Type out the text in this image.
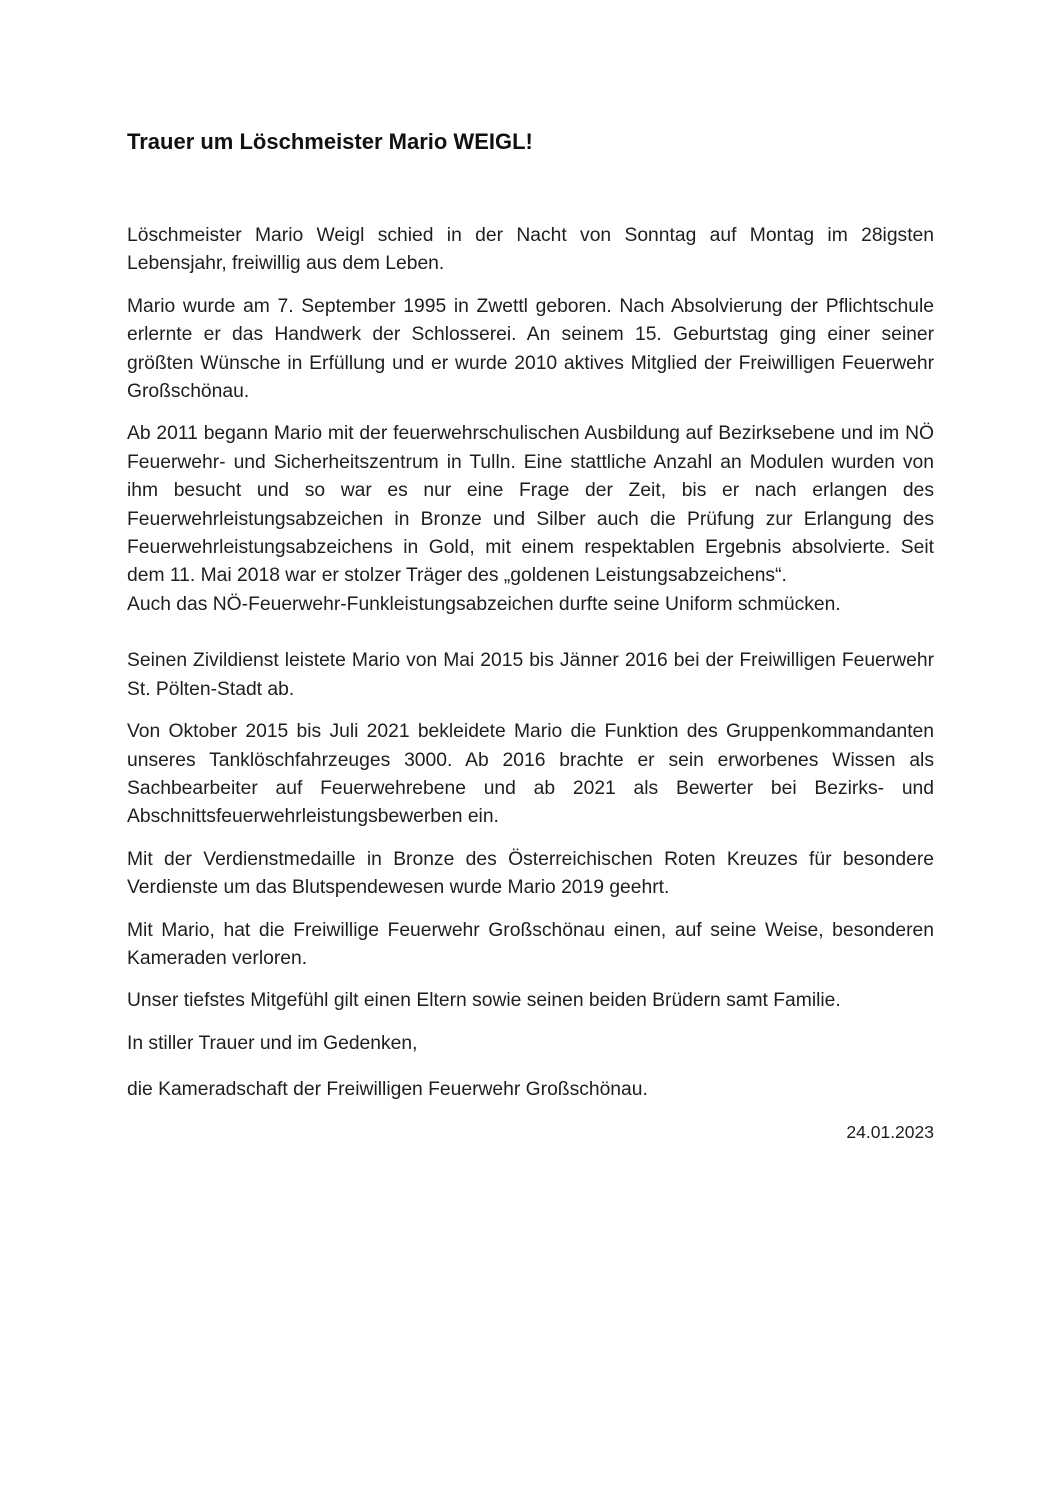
Trauer um Löschmeister Mario WEIGL!

Löschmeister Mario Weigl schied in der Nacht von Sonntag auf Montag im 28igsten Lebensjahr, freiwillig aus dem Leben.

Mario wurde am 7. September 1995 in Zwettl geboren. Nach Absolvierung der Pflichtschule erlernte er das Handwerk der Schlosserei. An seinem 15. Geburtstag ging einer seiner größten Wünsche in Erfüllung und er wurde 2010 aktives Mitglied der Freiwilligen Feuerwehr Großschönau.

Ab 2011 begann Mario mit der feuerwehrschulischen Ausbildung auf Bezirksebene und im NÖ Feuerwehr- und Sicherheitszentrum in Tulln. Eine stattliche Anzahl an Modulen wurden von ihm besucht und so war es nur eine Frage der Zeit, bis er nach erlangen des Feuerwehrleistungsabzeichen in Bronze und Silber auch die Prüfung zur Erlangung des Feuerwehrleistungsabzeichens in Gold, mit einem respektablen Ergebnis absolvierte. Seit dem 11. Mai 2018 war er stolzer Träger des „goldenen Leistungsabzeichens“.

Auch das NÖ-Feuerwehr-Funkleistungsabzeichen durfte seine Uniform schmücken.

Seinen Zivildienst leistete Mario von Mai 2015 bis Jänner 2016 bei der Freiwilligen Feuerwehr St. Pölten-Stadt ab.

Von Oktober 2015 bis Juli 2021 bekleidete Mario die Funktion des Gruppenkommandanten unseres Tanklöschfahrzeuges 3000. Ab 2016 brachte er sein erworbenes Wissen als Sachbearbeiter auf Feuerwehrebene und ab 2021 als Bewerter bei Bezirks- und Abschnittsfeuerwehrleistungsbewerben ein.

Mit der Verdienstmedaille in Bronze des Österreichischen Roten Kreuzes für besondere Verdienste um das Blutspendewesen wurde Mario 2019 geehrt.

Mit Mario, hat die Freiwillige Feuerwehr Großschönau einen, auf seine Weise, besonderen Kameraden verloren.

Unser tiefstes Mitgefühl gilt einen Eltern sowie seinen beiden Brüdern samt Familie.

In stiller Trauer und im Gedenken,

die Kameradschaft der Freiwilligen Feuerwehr Großschönau.

24.01.2023
